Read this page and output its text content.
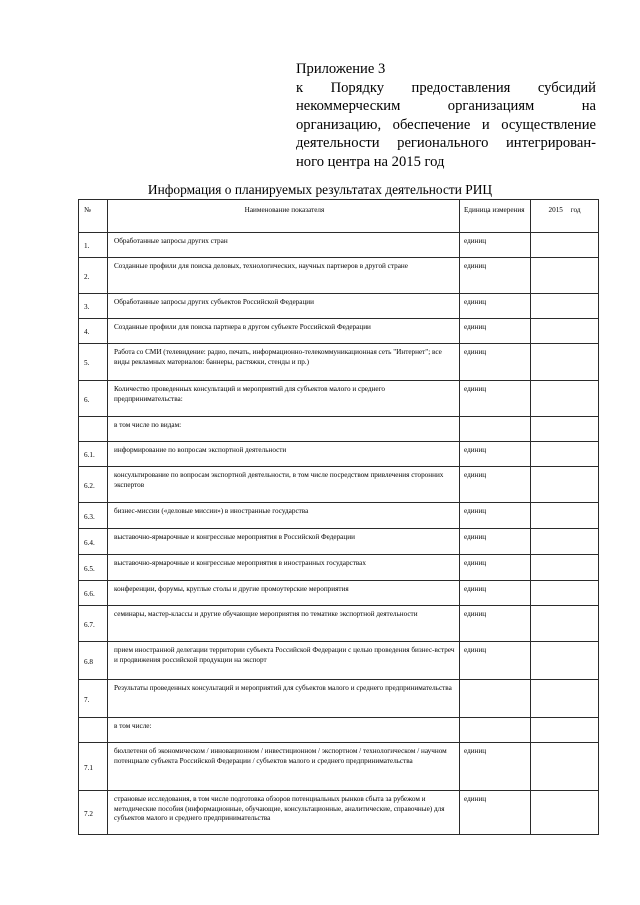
Приложение 3
к Порядку предоставления субсидий некоммерческим организациям на организацию, обеспечение и осуществление деятельности регионального интегрирован-ного центра на 2015 год
Информация о планируемых результатах деятельности РИЦ
№	Наименование показателя	Единица измерения	2015 год
1.	Обработанные запросы других стран	единиц	
2.	Созданные профили для поиска деловых, технологических, научных партнеров в другой стране	единиц	
3.	Обработанные запросы других субъектов Российской Федерации	единиц	
4.	Созданные профили для поиска партнера в другом субъекте Российской Федерации	единиц	
5.	Работа со СМИ (телевидение: радио, печать, информационно-телекоммуникационная сеть "Интернет"; все виды рекламных материалов: баннеры, растяжки, стенды и пр.)	единиц	
6.	Количество проведенных консультаций и мероприятий для субъектов малого и среднего предпринимательства:	единиц	
	в том числе по видам:		
6.1.	информирование по вопросам экспортной деятельности	единиц	
6.2.	консультирование по вопросам экспортной деятельности, в том числе посредством привлечения сторонних экспертов	единиц	
6.3.	бизнес-миссии («деловые миссии») в иностранные государства	единиц	
6.4.	выставочно-ярмарочные и конгрессные мероприятия в Российской Федерации	единиц	
6.5.	выставочно-ярмарочные и конгрессные мероприятия в иностранных государствах	единиц	
6.6.	конференции, форумы, круглые столы и другие промоутерские мероприятия	единиц	
6.7.	семинары, мастер-классы и другие обучающие мероприятия по тематике экспортной деятельности	единиц	
6.8	прием иностранной делегации территории субъекта Российской Федерации с целью проведения бизнес-встреч и продвижения российской продукции на экспорт	единиц	
7.	Результаты проведенных консультаций и мероприятий для субъектов малого и среднего предпринимательства		
	в том числе:		
7.1	бюллетени об экономическом / инновационном / инвестиционном / экспортном / технологическом / научном потенциале субъекта Российской Федерации / субъектов малого и среднего предпринимательства	единиц	
7.2	страновые исследования, в том числе подготовка обзоров потенциальных рынков сбыта за рубежом и методические пособия (информационные, обучающие, консультационные, аналитические, справочные) для субъектов малого и среднего предпринимательства	единиц	
